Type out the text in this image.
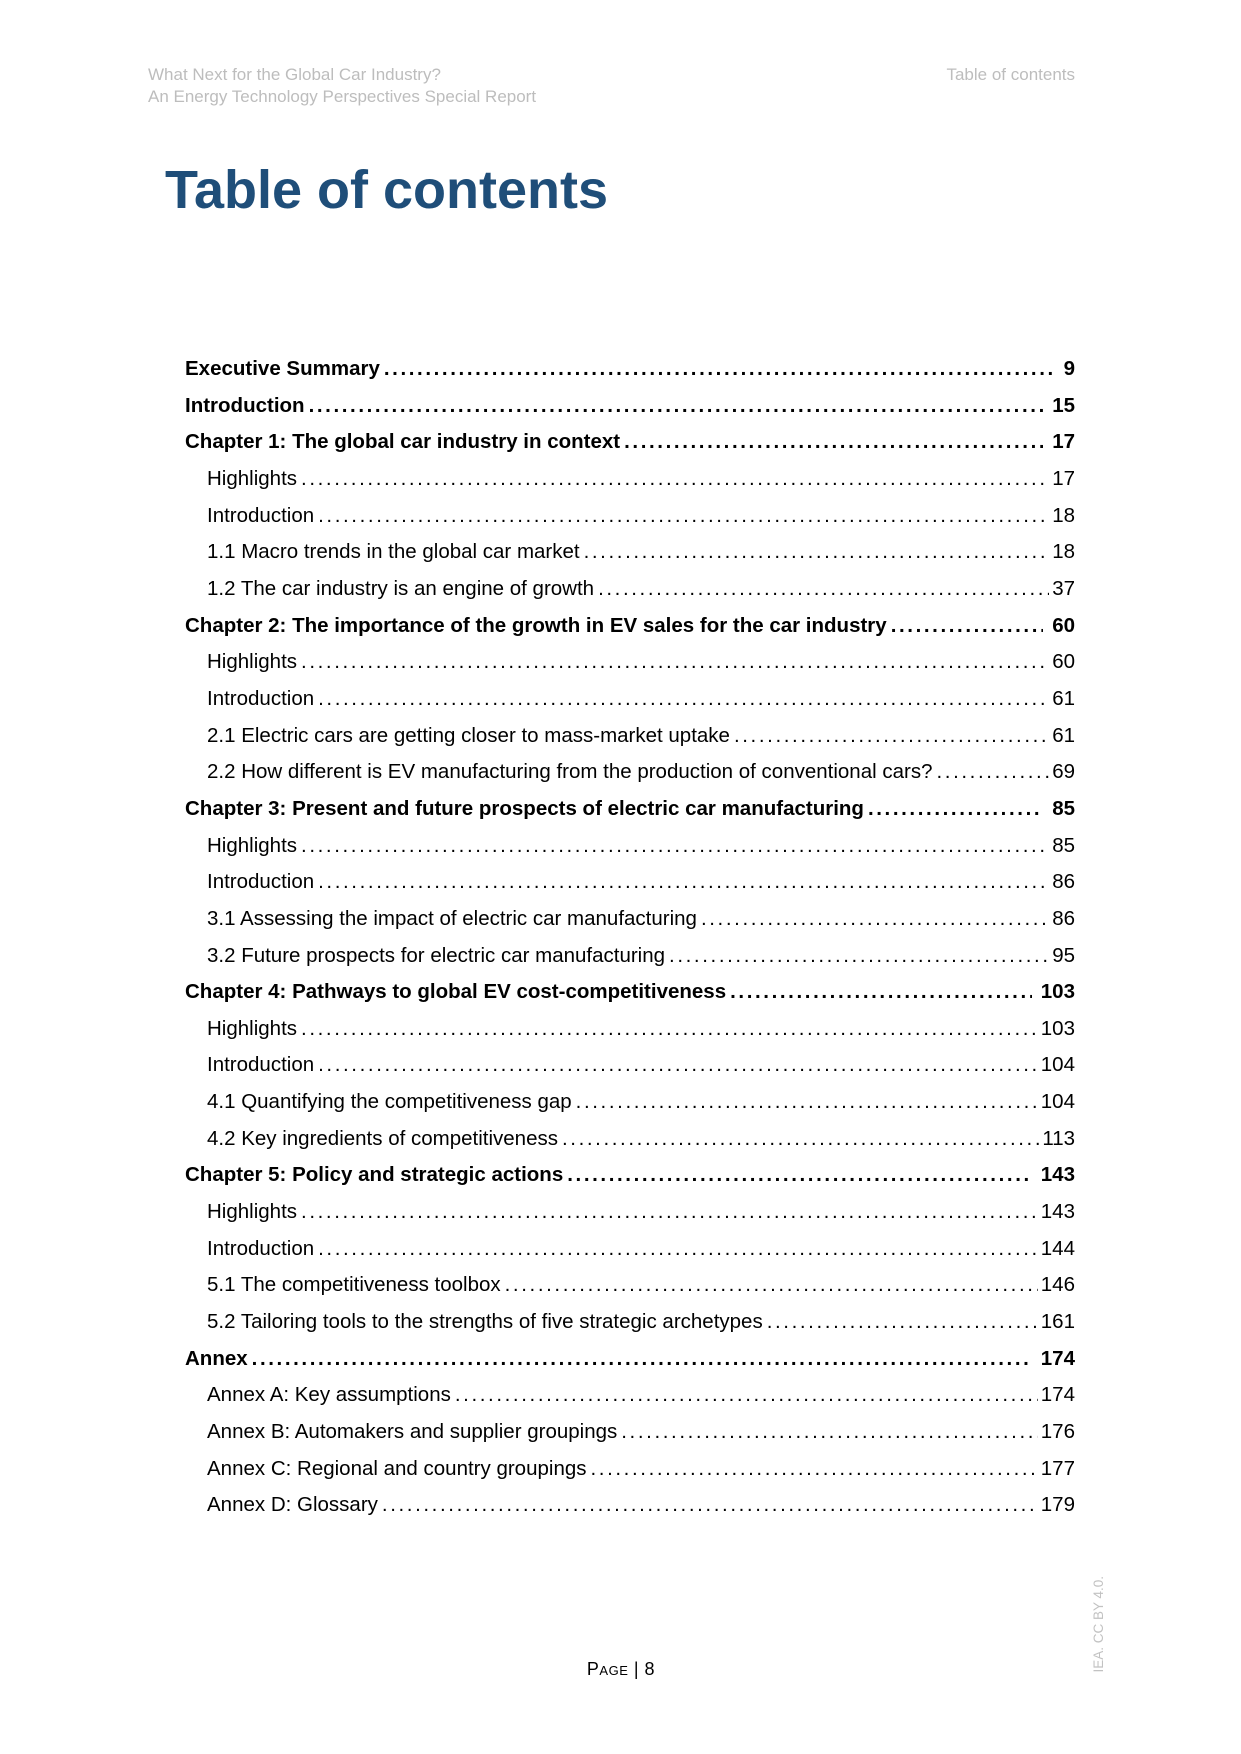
What Next for the Global Car Industry?
An Energy Technology Perspectives Special Report
Table of contents
Table of contents
Executive Summary .....	9
Introduction .....	15
Chapter 1: The global car industry in context .....	17
Highlights .....	17
Introduction .....	18
1.1 Macro trends in the global car market .....	18
1.2 The car industry is an engine of growth .....	37
Chapter 2: The importance of the growth in EV sales for the car industry .....	60
Highlights .....	60
Introduction .....	61
2.1 Electric cars are getting closer to mass-market uptake .....	61
2.2 How different is EV manufacturing from the production of conventional cars? .....	69
Chapter 3: Present and future prospects of electric car manufacturing .....	85
Highlights .....	85
Introduction .....	86
3.1 Assessing the impact of electric car manufacturing .....	86
3.2 Future prospects for electric car manufacturing .....	95
Chapter 4: Pathways to global EV cost-competitiveness .....	103
Highlights .....	103
Introduction .....	104
4.1 Quantifying the competitiveness gap .....	104
4.2 Key ingredients of competitiveness .....	113
Chapter 5: Policy and strategic actions .....	143
Highlights .....	143
Introduction .....	144
5.1 The competitiveness toolbox .....	146
5.2 Tailoring tools to the strengths of five strategic archetypes .....	161
Annex .....	174
Annex A: Key assumptions .....	174
Annex B: Automakers and supplier groupings .....	176
Annex C: Regional and country groupings .....	177
Annex D: Glossary .....	179
Page | 8	IEA. CC BY 4.0.
